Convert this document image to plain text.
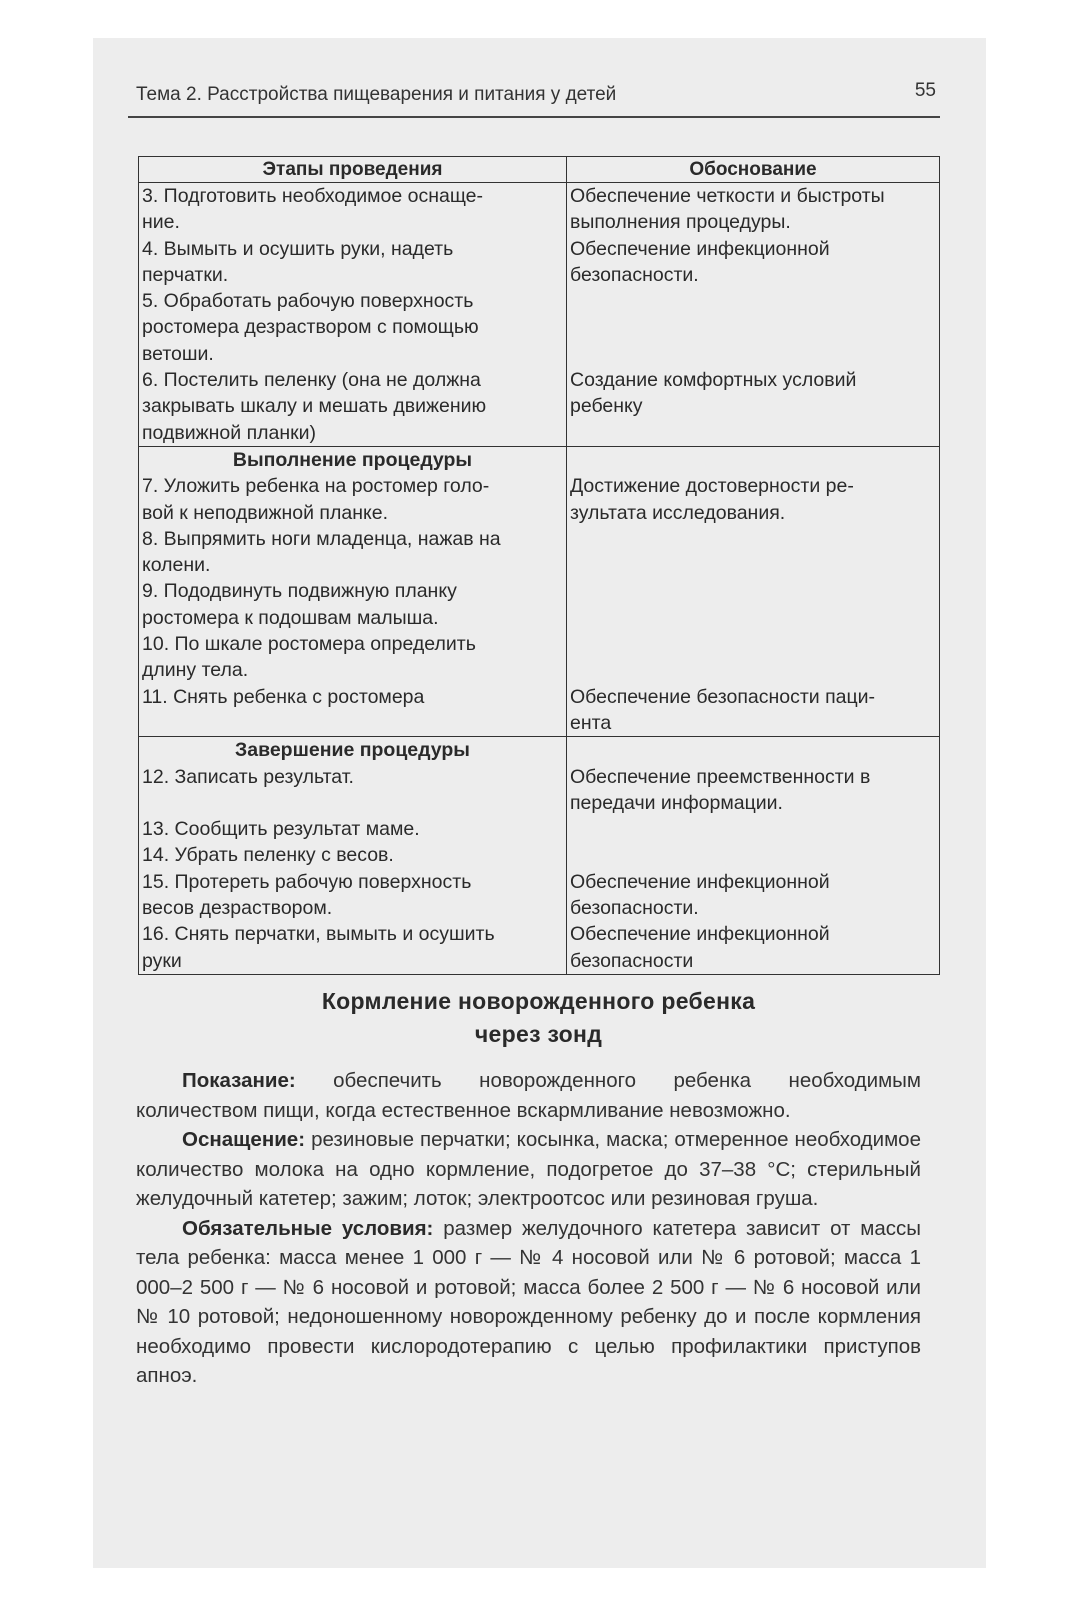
Тема 2. Расстройства пищеварения и питания у детей	55
Этапы проведения	Обоснование
3. Подготовить необходимое оснаще-	Обеспечение четкости и быстроты
ние.	выполнения процедуры.
4. Вымыть и осушить руки, надеть	Обеспечение инфекционной
перчатки.	безопасности.
5. Обработать рабочую поверхность	
ростомера дезраствором с помощью	
ветоши.	
6. Постелить пеленку (она не должна	Создание комфортных условий
закрывать шкалу и мешать движению	ребенку
подвижной планки)	
Выполнение процедуры	
7. Уложить ребенка на ростомер голо-	Достижение достоверности ре-
вой к неподвижной планке.	зультата исследования.
8. Выпрямить ноги младенца, нажав на	
колени.	
9. Пододвинуть подвижную планку	
ростомера к подошвам малыша.	
10. По шкале ростомера определить	
длину тела.	
11. Снять ребенка с ростомера	Обеспечение безопасности паци-
	ента
Завершение процедуры	
12. Записать результат.	Обеспечение преемственности в
	передачи информации.
13. Сообщить результат маме.	
14. Убрать пеленку с весов.	
15. Протереть рабочую поверхность	Обеспечение инфекционной
весов дезраствором.	безопасности.
16. Снять перчатки, вымыть и осушить	Обеспечение инфекционной
руки	безопасности
Кормление новорожденного ребенка
через зонд

Показание: обеспечить новорожденного ребенка необходимым количеством пищи, когда естественное вскармливание невозможно.

Оснащение: резиновые перчатки; косынка, маска; отмеренное необходимое количество молока на одно кормление, подогретое до 37–38 °С; стерильный желудочный катетер; зажим; лоток; электроотсос или резиновая груша.

Обязательные условия: размер желудочного катетера зависит от массы тела ребенка: масса менее 1 000 г — № 4 носовой или № 6 ротовой; масса 1 000–2 500 г — № 6 носовой и ротовой; масса более 2 500 г — № 6 носовой или № 10 ротовой; недоношенному новорожденному ребенку до и после кормления необходимо провести кислородотерапию с целью профилактики приступов апноэ.
